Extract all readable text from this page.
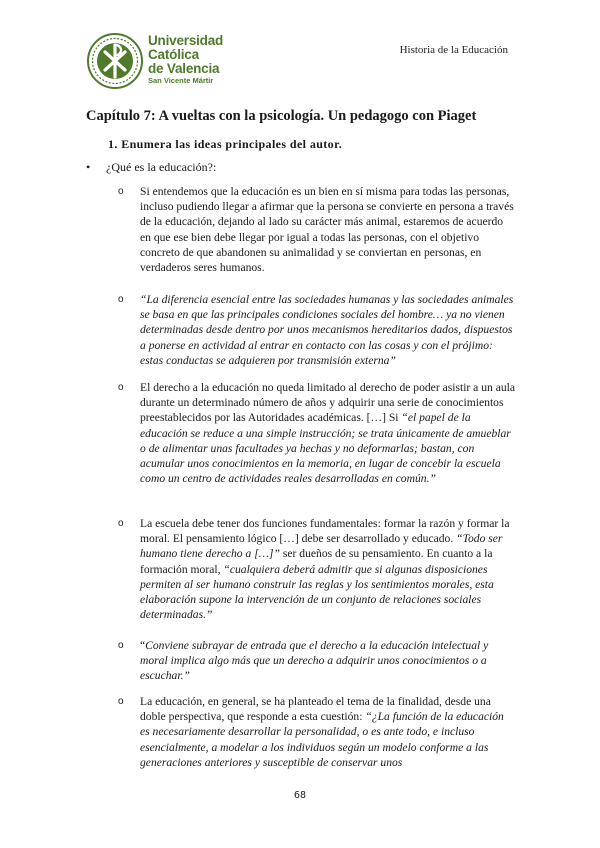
Universidad
Católica
de Valencia
San Vicente Mártir
Historia de la Educación
Capítulo 7: A vueltas con la psicología. Un pedagogo con Piaget
1. Enumera las ideas principales del autor.
• ¿Qué es la educación?:
o Si entendemos que la educación es un bien en sí misma para todas las personas, incluso pudiendo llegar a afirmar que la persona se convierte en persona a través de la educación, dejando al lado su carácter más animal, estaremos de acuerdo en que ese bien debe llegar por igual a todas las personas, con el objetivo concreto de que abandonen su animalidad y se conviertan en personas, en verdaderos seres humanos.
o “La diferencia esencial entre las sociedades humanas y las sociedades animales se basa en que las principales condiciones sociales del hombre… ya no vienen determinadas desde dentro por unos mecanismos hereditarios dados, dispuestos a ponerse en actividad al entrar en contacto con las cosas y con el prójimo: estas conductas se adquieren por transmisión externa”
o El derecho a la educación no queda limitado al derecho de poder asistir a un aula durante un determinado número de años y adquirir una serie de conocimientos preestablecidos por las Autoridades académicas. […] Si “el papel de la educación se reduce a una simple instrucción; se trata únicamente de amueblar o de alimentar unas facultades ya hechas y no deformarlas; bastan, con acumular unos conocimientos en la memoria, en lugar de concebir la escuela como un centro de actividades reales desarrolladas en común.”
o La escuela debe tener dos funciones fundamentales: formar la razón y formar la moral. El pensamiento lógico […] debe ser desarrollado y educado. “Todo ser humano tiene derecho a […]” ser dueños de su pensamiento. En cuanto a la formación moral, “cualquiera deberá admitir que si algunas disposiciones permiten al ser humano construir las reglas y los sentimientos morales, esta elaboración supone la intervención de un conjunto de relaciones sociales determinadas.”
o “Conviene subrayar de entrada que el derecho a la educación intelectual y moral implica algo más que un derecho a adquirir unos conocimientos o a escuchar.”
o La educación, en general, se ha planteado el tema de la finalidad, desde una doble perspectiva, que responde a esta cuestión: “¿La función de la educación es necesariamente desarrollar la personalidad, o es ante todo, e incluso esencialmente, a modelar a los individuos según un modelo conforme a las generaciones anteriores y susceptible de conservar unos
68
